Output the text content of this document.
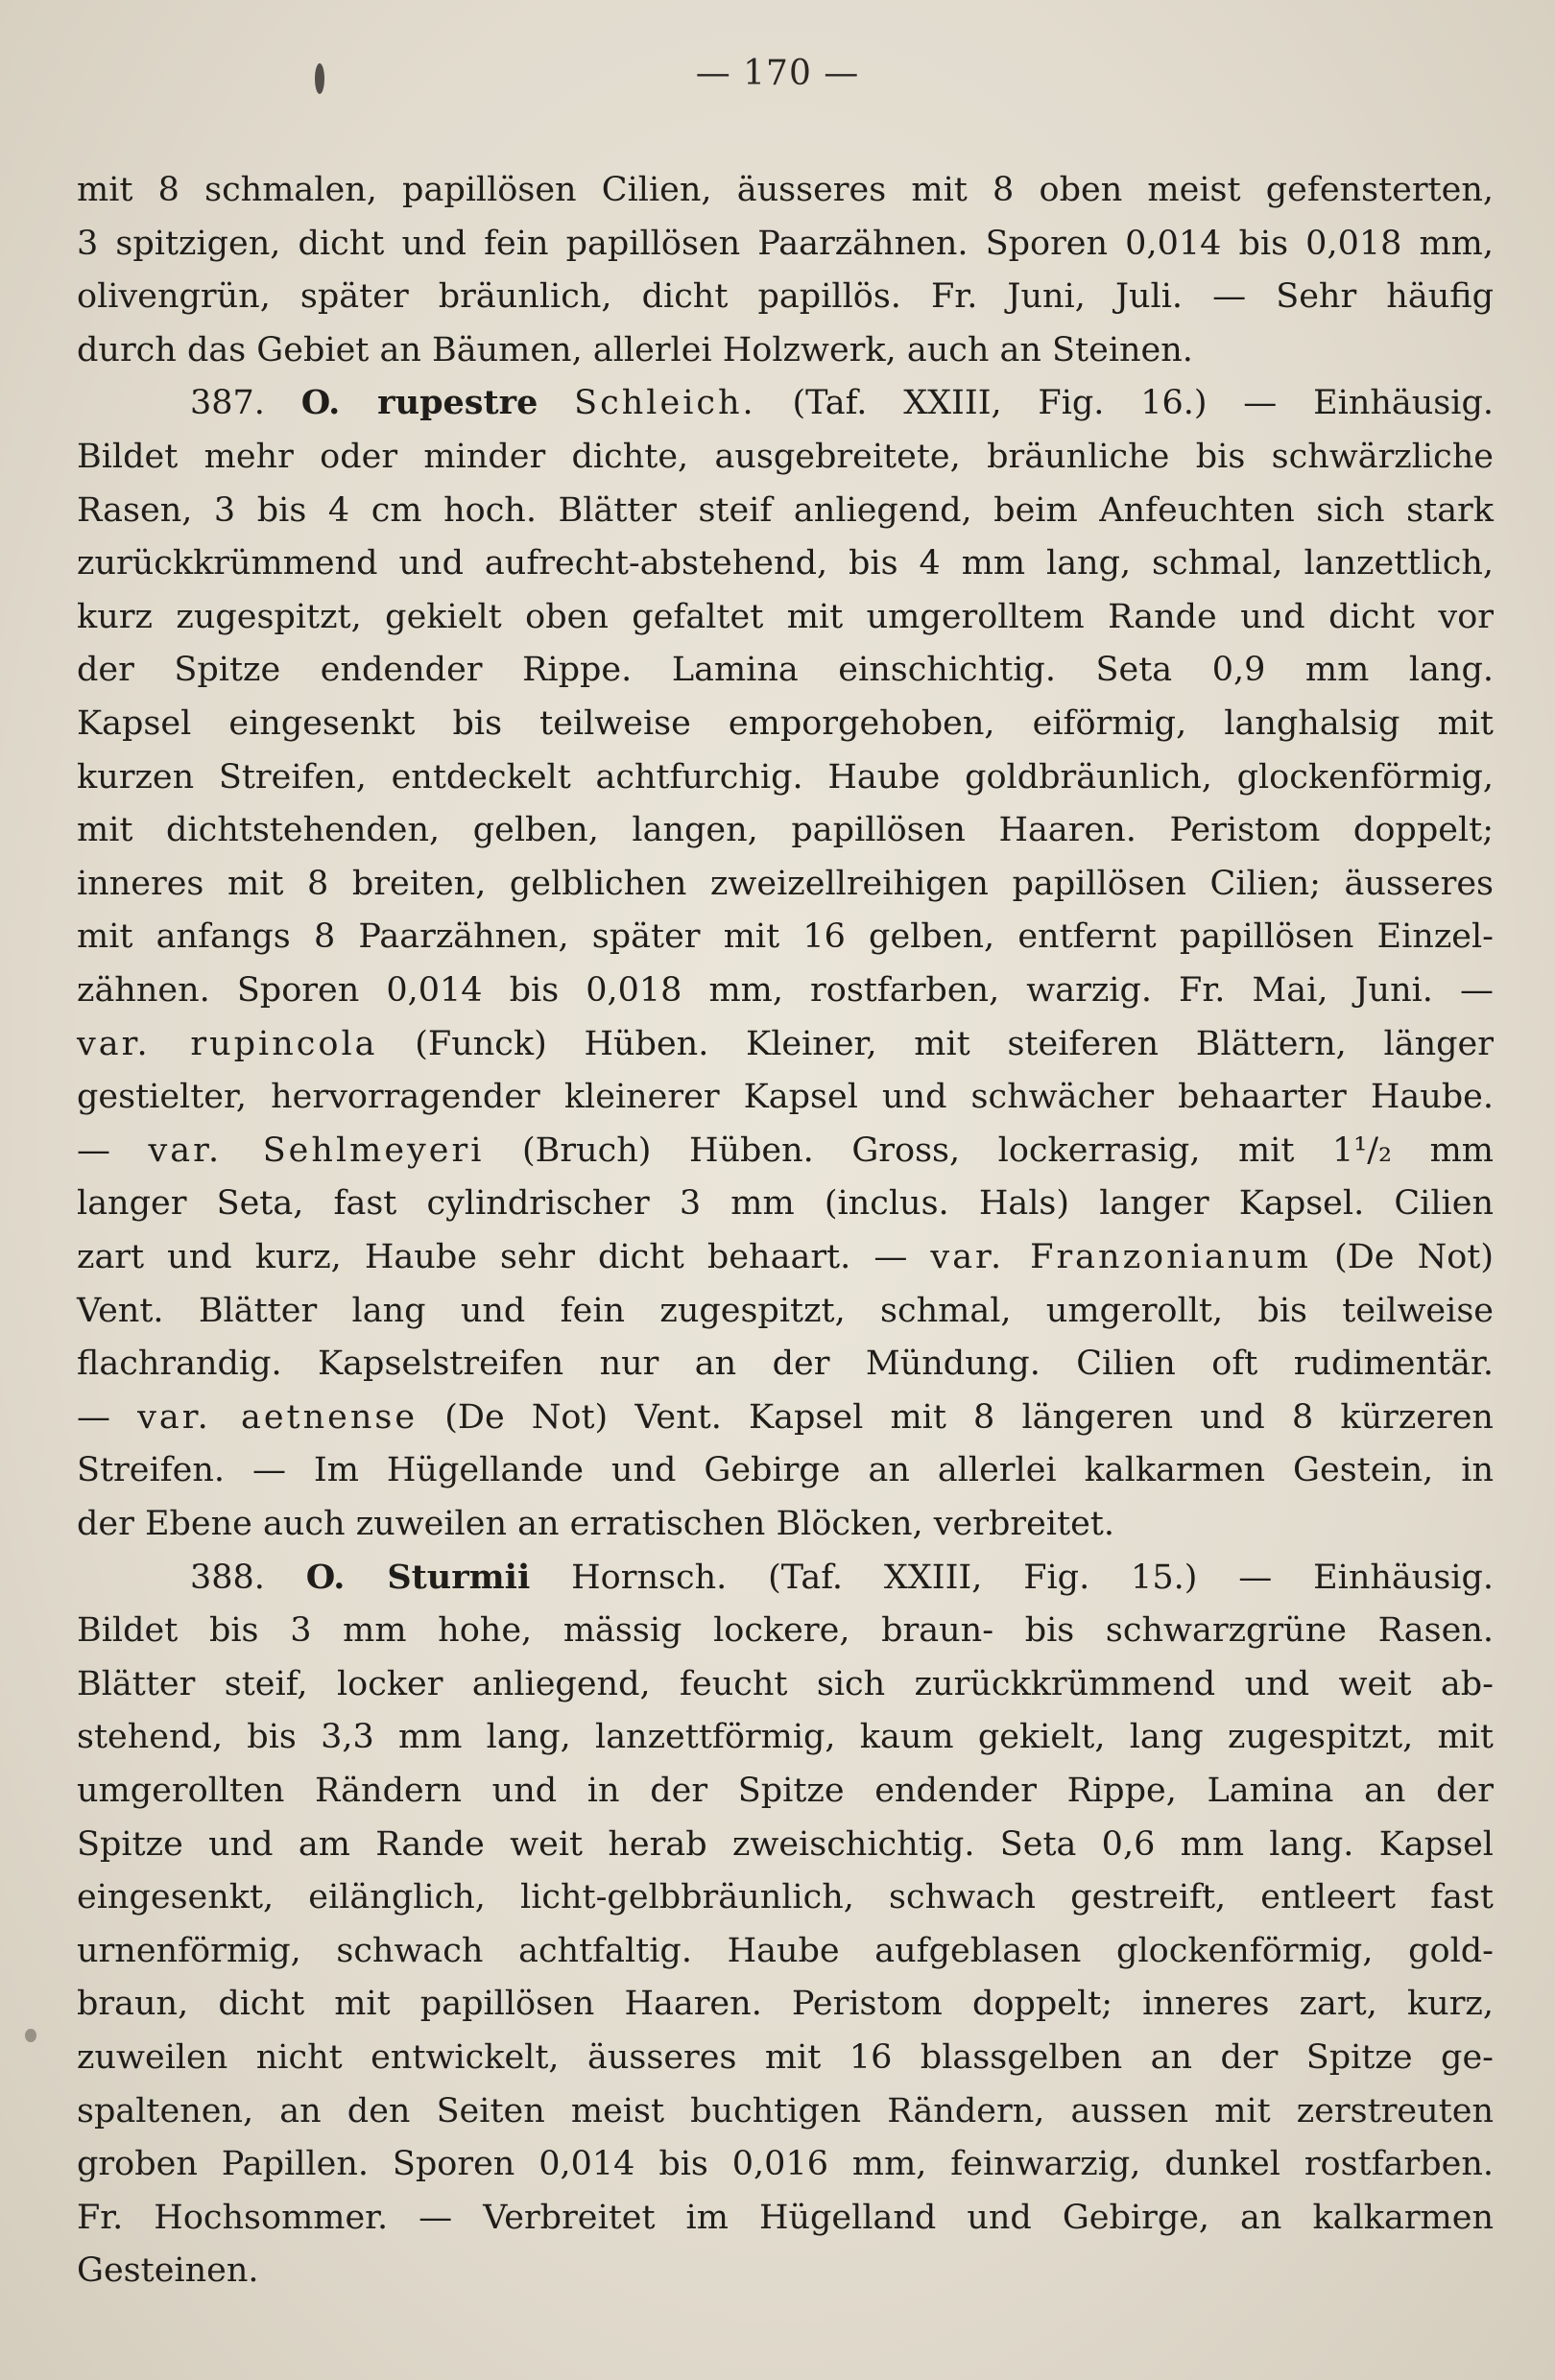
— 170 —
mit 8 schmalen, papillösen Cilien, äusseres mit 8 oben meist gefensterten,
3 spitzigen, dicht und fein papillösen Paarzähnen. Sporen 0,014 bis 0,018 mm,
olivengrün, später bräunlich, dicht papillös. Fr. Juni, Juli. — Sehr häufig
durch das Gebiet an Bäumen, allerlei Holzwerk, auch an Steinen.
387. O. rupestre Schleich. (Taf. XXIII, Fig. 16.) — Einhäusig.
Bildet mehr oder minder dichte, ausgebreitete, bräunliche bis schwärzliche
Rasen, 3 bis 4 cm hoch. Blätter steif anliegend, beim Anfeuchten sich stark
zurückkrümmend und aufrecht-abstehend, bis 4 mm lang, schmal, lanzettlich,
kurz zugespitzt, gekielt oben gefaltet mit umgerolltem Rande und dicht vor
der Spitze endender Rippe. Lamina einschichtig. Seta 0,9 mm lang.
Kapsel eingesenkt bis teilweise emporgehoben, eiförmig, langhalsig mit
kurzen Streifen, entdeckelt achtfurchig. Haube goldbräunlich, glockenförmig,
mit dichtstehenden, gelben, langen, papillösen Haaren. Peristom doppelt;
inneres mit 8 breiten, gelblichen zweizellreihigen papillösen Cilien; äusseres
mit anfangs 8 Paarzähnen, später mit 16 gelben, entfernt papillösen Einzel-
zähnen. Sporen 0,014 bis 0,018 mm, rostfarben, warzig. Fr. Mai, Juni. —
var. rupincola (Funck) Hüben. Kleiner, mit steiferen Blättern, länger
gestielter, hervorragender kleinerer Kapsel und schwächer behaarter Haube.
— var. Sehlmeyeri (Bruch) Hüben. Gross, lockerrasig, mit 1¹/₂ mm
langer Seta, fast cylindrischer 3 mm (inclus. Hals) langer Kapsel. Cilien
zart und kurz, Haube sehr dicht behaart. — var. Franzonianum (De Not)
Vent. Blätter lang und fein zugespitzt, schmal, umgerollt, bis teilweise
flachrandig. Kapselstreifen nur an der Mündung. Cilien oft rudimentär.
— var. aetnense (De Not) Vent. Kapsel mit 8 längeren und 8 kürzeren
Streifen. — Im Hügellande und Gebirge an allerlei kalkarmen Gestein, in
der Ebene auch zuweilen an erratischen Blöcken, verbreitet.
388. O. Sturmii Hornsch. (Taf. XXIII, Fig. 15.) — Einhäusig.
Bildet bis 3 mm hohe, mässig lockere, braun- bis schwarzgrüne Rasen.
Blätter steif, locker anliegend, feucht sich zurückkrümmend und weit ab-
stehend, bis 3,3 mm lang, lanzettförmig, kaum gekielt, lang zugespitzt, mit
umgerollten Rändern und in der Spitze endender Rippe, Lamina an der
Spitze und am Rande weit herab zweischichtig. Seta 0,6 mm lang. Kapsel
eingesenkt, eilänglich, licht-gelbbräunlich, schwach gestreift, entleert fast
urnenförmig, schwach achtfaltig. Haube aufgeblasen glockenförmig, gold-
braun, dicht mit papillösen Haaren. Peristom doppelt; inneres zart, kurz,
zuweilen nicht entwickelt, äusseres mit 16 blassgelben an der Spitze ge-
spaltenen, an den Seiten meist buchtigen Rändern, aussen mit zerstreuten
groben Papillen. Sporen 0,014 bis 0,016 mm, feinwarzig, dunkel rostfarben.
Fr. Hochsommer. — Verbreitet im Hügelland und Gebirge, an kalkarmen
Gesteinen.
